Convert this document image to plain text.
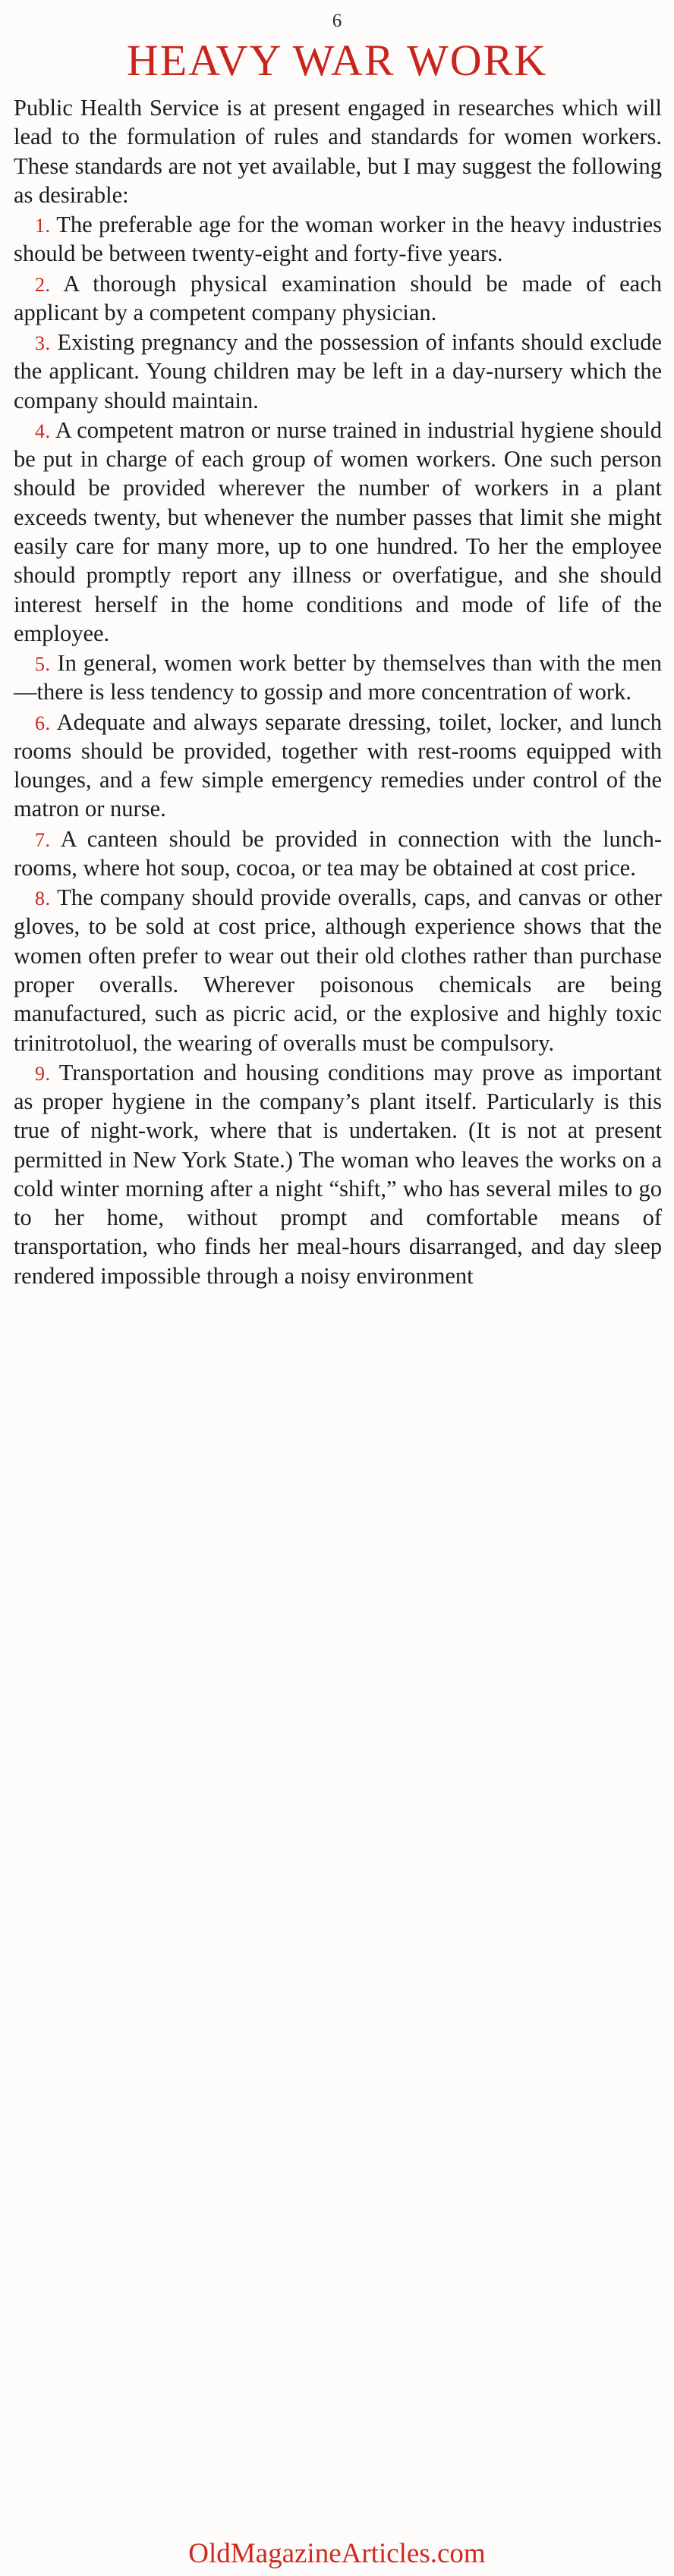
6
HEAVY WAR WORK

Public Health Service is at present engaged in researches which will lead to the formulation of rules and standards for women workers. These standards are not yet available, but I may suggest the following as desirable:

1. The preferable age for the woman worker in the heavy industries should be between twenty-eight and forty-five years.

2. A thorough physical examination should be made of each applicant by a competent company physician.

3. Existing pregnancy and the possession of infants should exclude the applicant. Young children may be left in a day-nursery which the company should maintain.

4. A competent matron or nurse trained in industrial hygiene should be put in charge of each group of women workers. One such person should be provided wherever the number of workers in a plant exceeds twenty, but whenever the number passes that limit she might easily care for many more, up to one hundred. To her the employee should promptly report any illness or overfatigue, and she should interest herself in the home conditions and mode of life of the employee.

5. In general, women work better by themselves than with the men—there is less tendency to gossip and more concentration of work.

6. Adequate and always separate dressing, toilet, locker, and lunch rooms should be provided, together with rest-rooms equipped with lounges, and a few simple emergency remedies under control of the matron or nurse.

7. A canteen should be provided in connection with the lunch-rooms, where hot soup, cocoa, or tea may be obtained at cost price.

8. The company should provide overalls, caps, and canvas or other gloves, to be sold at cost price, although experience shows that the women often prefer to wear out their old clothes rather than purchase proper overalls. Wherever poisonous chemicals are being manufactured, such as picric acid, or the explosive and highly toxic trinitrotoluol, the wearing of overalls must be compulsory.

9. Transportation and housing conditions may prove as important as proper hygiene in the company’s plant itself. Particularly is this true of night-work, where that is undertaken. (It is not at present permitted in New York State.) The woman who leaves the works on a cold winter morning after a night “shift,” who has several miles to go to her home, without prompt and comfortable means of transportation, who finds her meal-hours disarranged, and day sleep rendered impossible through a noisy environment

OldMagazineArticles.com
